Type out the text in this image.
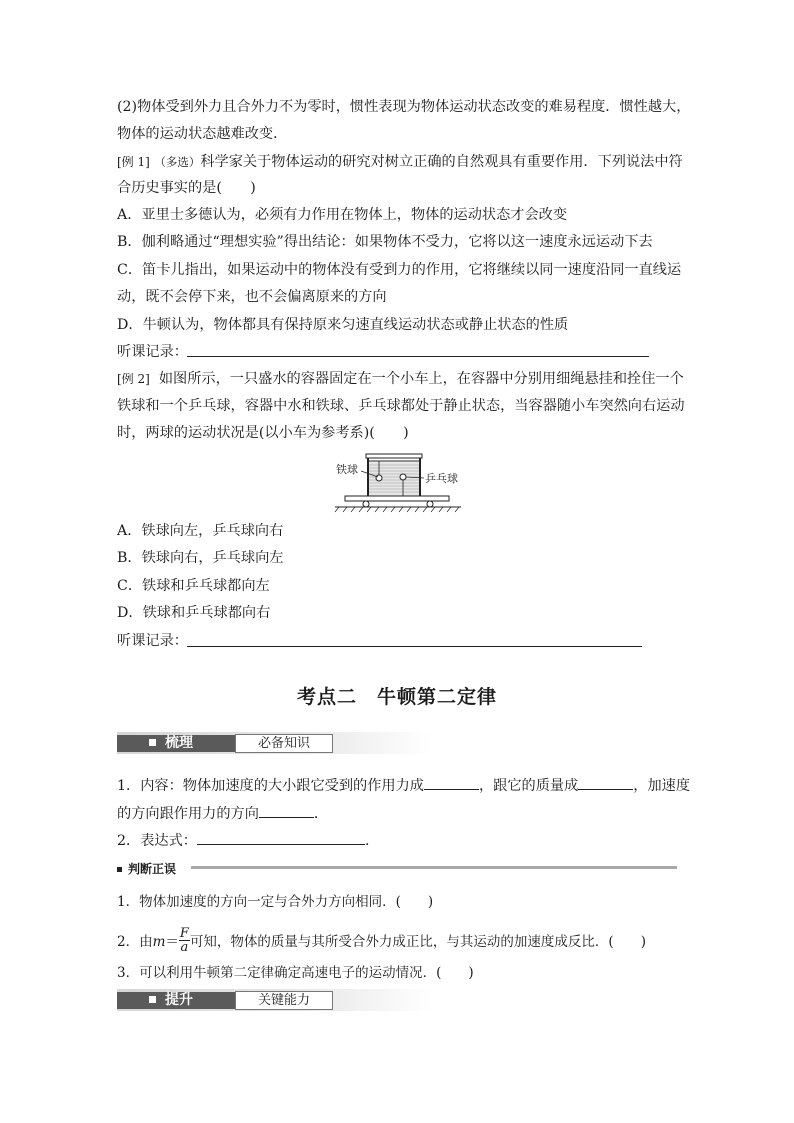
(2)物体受到外力且合外力不为零时，惯性表现为物体运动状态改变的难易程度．惯性越大，
物体的运动状态越难改变．
[例 1] （多选）科学家关于物体运动的研究对树立正确的自然观具有重要作用．下列说法中符
合历史事实的是(　　)
A．亚里士多德认为，必须有力作用在物体上，物体的运动状态才会改变
B．伽利略通过“理想实验”得出结论：如果物体不受力，它将以这一速度永远运动下去
C．笛卡儿指出，如果运动中的物体没有受到力的作用，它将继续以同一速度沿同一直线运
动，既不会停下来，也不会偏离原来的方向
D．牛顿认为，物体都具有保持原来匀速直线运动状态或静止状态的性质
听课记录：
[例 2] 如图所示，一只盛水的容器固定在一个小车上，在容器中分别用细绳悬挂和拴住一个
铁球和一个乒乓球，容器中水和铁球、乒乓球都处于静止状态，当容器随小车突然向右运动
时，两球的运动状况是(以小车为参考系)(　　)
铁球
乒乓球
A．铁球向左，乒乓球向右
B．铁球向右，乒乓球向左
C．铁球和乒乓球都向左
D．铁球和乒乓球都向右
听课记录：
考点二　牛顿第二定律
梳理	必备知识
1．内容：物体加速度的大小跟它受到的作用力成	，跟它的质量成	，加速度
的方向跟作用力的方向	．
2．表达式：	.
判断正误
1．物体加速度的方向一定与合外力方向相同．(　　)
2．由$m= \frac{F}{a}$ 可知，物体的质量与其所受合外力成正比，与其运动的加速度成反比．(　　)
3．可以利用牛顿第二定律确定高速电子的运动情况．(　　)
提升	关键能力
